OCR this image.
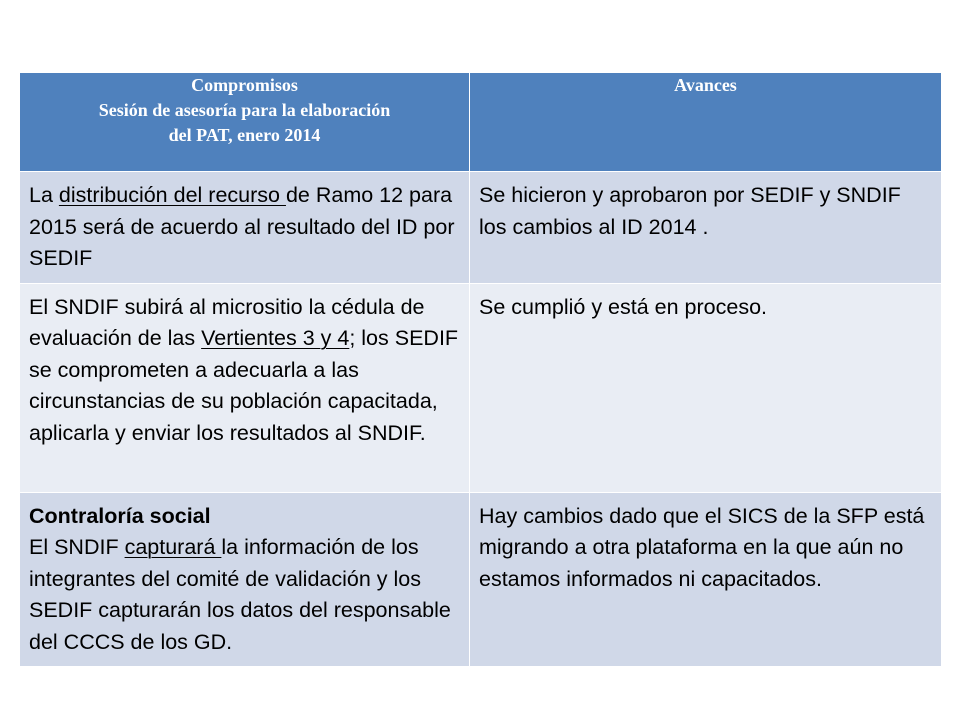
Compromisos
Sesión de asesoría para la elaboración
del PAT, enero 2014	Avances

La distribución del recurso de Ramo 12 para 2015 será de acuerdo al resultado del ID por SEDIF	Se hicieron y aprobaron por SEDIF y SNDIF los cambios al ID 2014 .
El SNDIF subirá al micrositio la cédula de evaluación de las Vertientes 3 y 4; los SEDIF se comprometen a adecuarla a las circunstancias de su población capacitada, aplicarla y enviar los resultados al SNDIF.	Se cumplió y está en proceso.
Contraloría social
El SNDIF capturará la información de los integrantes del comité de validación y los SEDIF capturarán los datos del responsable del CCCS de los GD.	Hay cambios dado que el SICS de la SFP está migrando a otra plataforma en la que aún no estamos informados ni capacitados.
